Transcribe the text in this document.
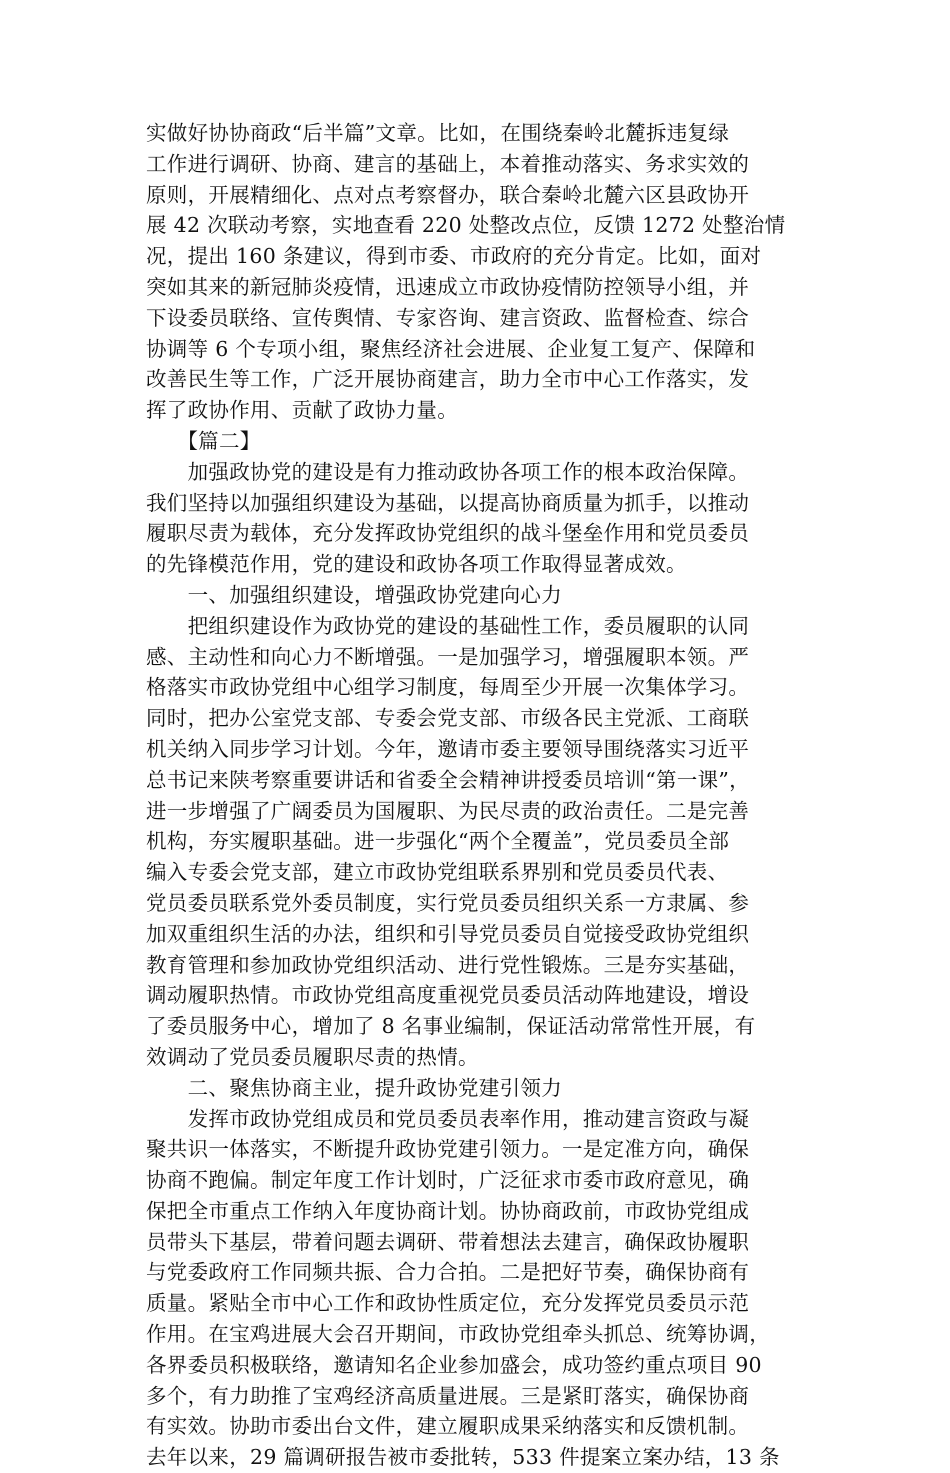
实做好协协商政“后半篇”文章。比如，在围绕秦岭北麓拆违复绿
工作进行调研、协商、建言的基础上，本着推动落实、务求实效的
原则，开展精细化、点对点考察督办，联合秦岭北麓六区县政协开
展 42 次联动考察，实地查看 220 处整改点位，反馈 1272 处整治情
况，提出 160 条建议，得到市委、市政府的充分肯定。比如，面对
突如其来的新冠肺炎疫情，迅速成立市政协疫情防控领导小组，并
下设委员联络、宣传舆情、专家咨询、建言资政、监督检查、综合
协调等 6 个专项小组，聚焦经济社会进展、企业复工复产、保障和
改善民生等工作，广泛开展协商建言，助力全市中心工作落实，发
挥了政协作用、贡献了政协力量。
　　【篇二】
　　加强政协党的建设是有力推动政协各项工作的根本政治保障。
我们坚持以加强组织建设为基础，以提高协商质量为抓手，以推动
履职尽责为载体，充分发挥政协党组织的战斗堡垒作用和党员委员
的先锋模范作用，党的建设和政协各项工作取得显著成效。
　　一、加强组织建设，增强政协党建向心力
　　把组织建设作为政协党的建设的基础性工作，委员履职的认同
感、主动性和向心力不断增强。一是加强学习，增强履职本领。严
格落实市政协党组中心组学习制度，每周至少开展一次集体学习。
同时，把办公室党支部、专委会党支部、市级各民主党派、工商联
机关纳入同步学习计划。今年，邀请市委主要领导围绕落实习近平
总书记来陕考察重要讲话和省委全会精神讲授委员培训“第一课”，
进一步增强了广阔委员为国履职、为民尽责的政治责任。二是完善
机构，夯实履职基础。进一步强化“两个全覆盖”，党员委员全部
编入专委会党支部，建立市政协党组联系界别和党员委员代表、
党员委员联系党外委员制度，实行党员委员组织关系一方隶属、参
加双重组织生活的办法，组织和引导党员委员自觉接受政协党组织
教育管理和参加政协党组织活动、进行党性锻炼。三是夯实基础，
调动履职热情。市政协党组高度重视党员委员活动阵地建设，增设
了委员服务中心，增加了 8 名事业编制，保证活动常常性开展，有
效调动了党员委员履职尽责的热情。
　　二、聚焦协商主业，提升政协党建引领力
　　发挥市政协党组成员和党员委员表率作用，推动建言资政与凝
聚共识一体落实，不断提升政协党建引领力。一是定准方向，确保
协商不跑偏。制定年度工作计划时，广泛征求市委市政府意见，确
保把全市重点工作纳入年度协商计划。协协商政前，市政协党组成
员带头下基层，带着问题去调研、带着想法去建言，确保政协履职
与党委政府工作同频共振、合力合拍。二是把好节奏，确保协商有
质量。紧贴全市中心工作和政协性质定位，充分发挥党员委员示范
作用。在宝鸡进展大会召开期间，市政协党组牵头抓总、统筹协调，
各界委员积极联络，邀请知名企业参加盛会，成功签约重点项目 90
多个，有力助推了宝鸡经济高质量进展。三是紧盯落实，确保协商
有实效。协助市委出台文件，建立履职成果采纳落实和反馈机制。
去年以来，29 篇调研报告被市委批转，533 件提案立案办结，13 条
